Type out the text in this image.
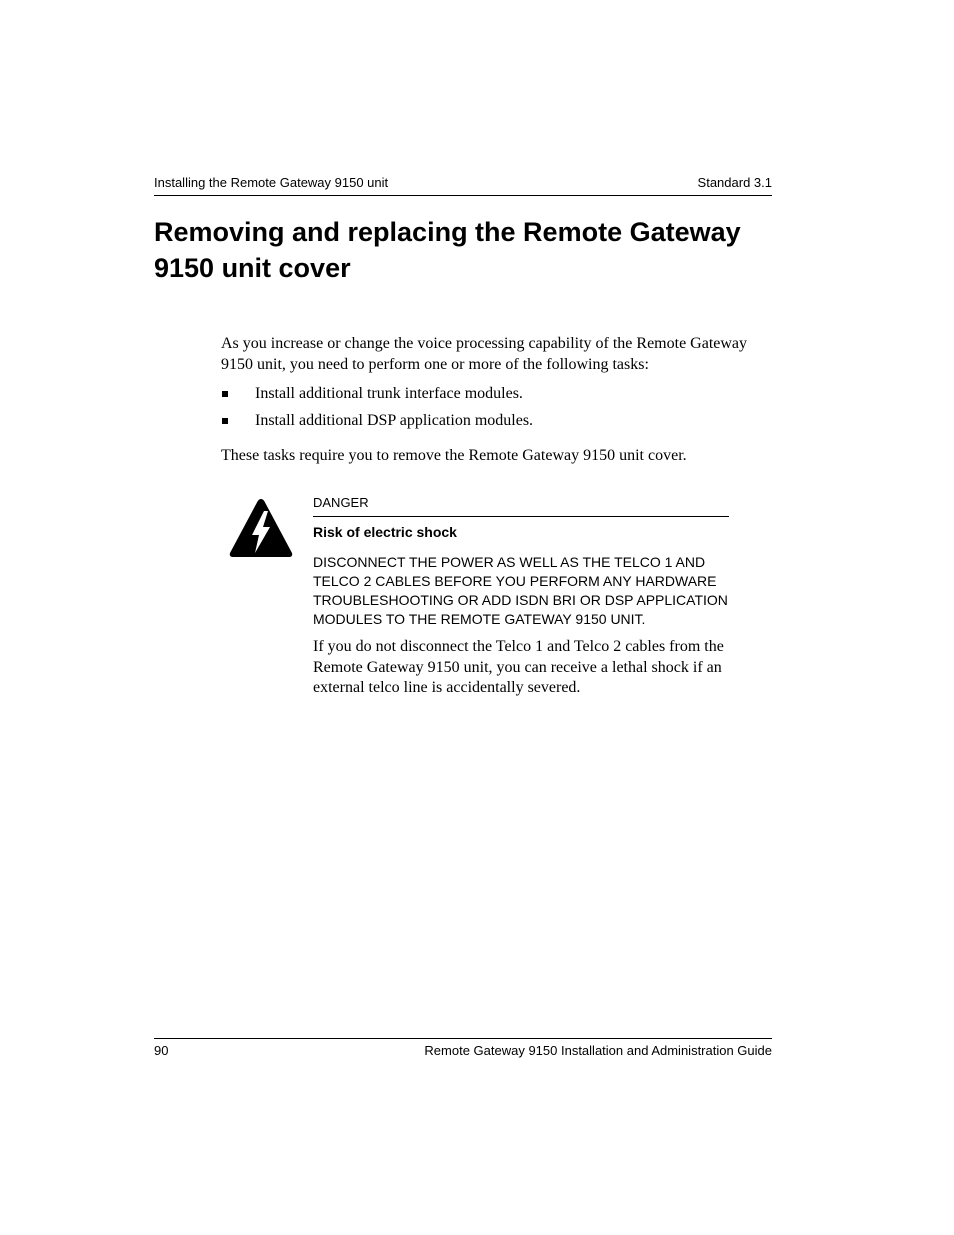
Installing the Remote Gateway 9150 unit	Standard 3.1
Removing and replacing the Remote Gateway 9150 unit cover

As you increase or change the voice processing capability of the Remote Gateway 9150 unit, you need to perform one or more of the following tasks:

Install additional trunk interface modules.
Install additional DSP application modules.

These tasks require you to remove the Remote Gateway 9150 unit cover.

DANGER
Risk of electric shock
DISCONNECT THE POWER AS WELL AS THE TELCO 1 AND TELCO 2 CABLES BEFORE YOU PERFORM ANY HARDWARE TROUBLESHOOTING OR ADD ISDN BRI OR DSP APPLICATION MODULES TO THE REMOTE GATEWAY 9150 UNIT.
If you do not disconnect the Telco 1 and Telco 2 cables from the Remote Gateway 9150 unit, you can receive a lethal shock if an external telco line is accidentally severed.
90	Remote Gateway 9150 Installation and Administration Guide
